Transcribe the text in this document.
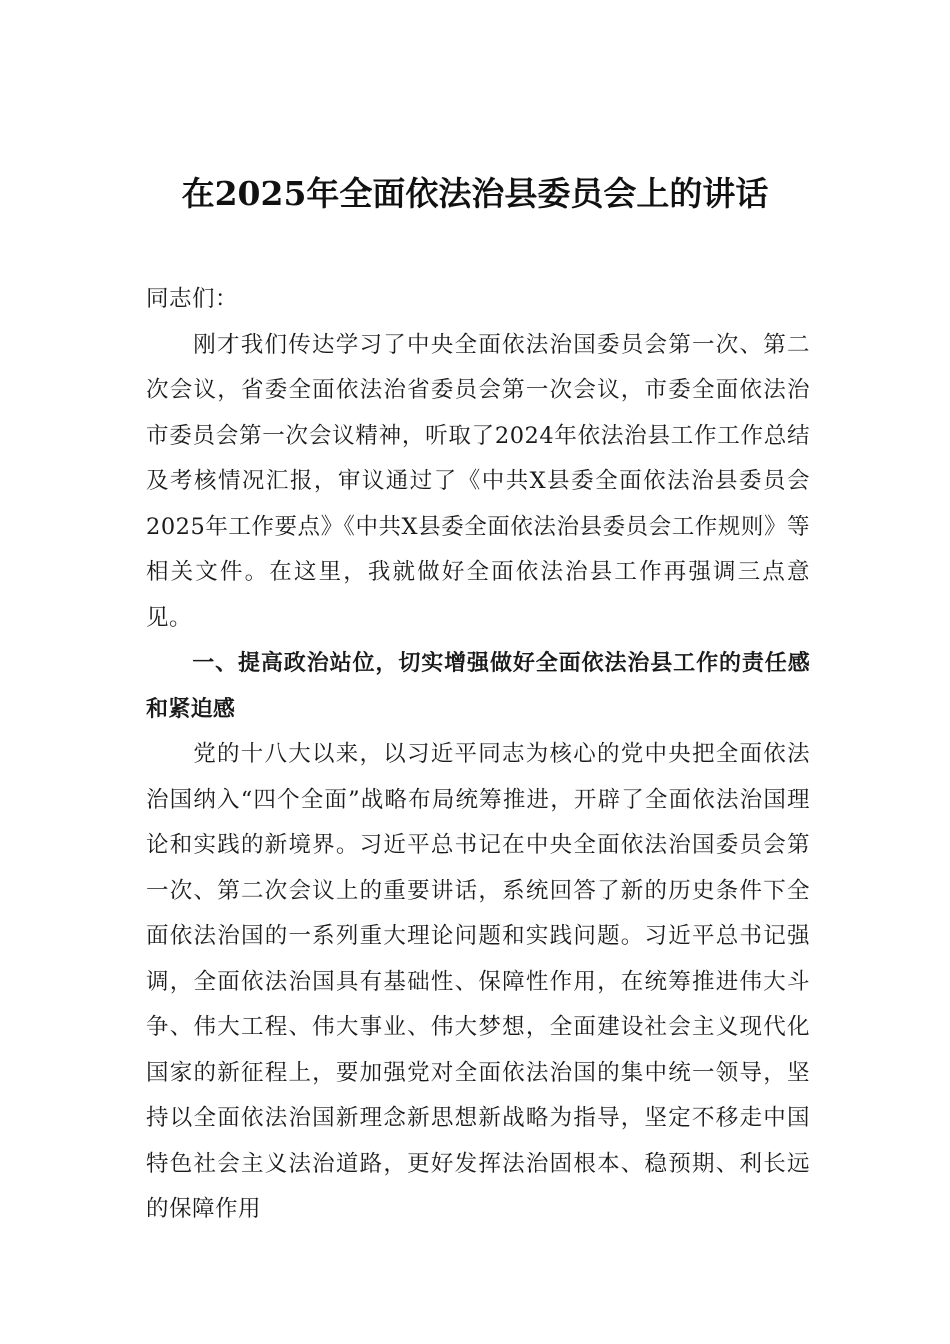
在2025年全面依法治县委员会上的讲话

同志们：

刚才我们传达学习了中央全面依法治国委员会第一次、第二次会议，省委全面依法治省委员会第一次会议，市委全面依法治市委员会第一次会议精神，听取了2024年依法治县工作工作总结及考核情况汇报，审议通过了《中共X县委全面依法治县委员会2025年工作要点》《中共X县委全面依法治县委员会工作规则》等相关文件。在这里，我就做好全面依法治县工作再强调三点意见。

一、提高政治站位，切实增强做好全面依法治县工作的责任感和紧迫感

党的十八大以来，以习近平同志为核心的党中央把全面依法治国纳入“四个全面”战略布局统筹推进，开辟了全面依法治国理论和实践的新境界。习近平总书记在中央全面依法治国委员会第一次、第二次会议上的重要讲话，系统回答了新的历史条件下全面依法治国的一系列重大理论问题和实践问题。习近平总书记强调，全面依法治国具有基础性、保障性作用，在统筹推进伟大斗争、伟大工程、伟大事业、伟大梦想，全面建设社会主义现代化国家的新征程上，要加强党对全面依法治国的集中统一领导，坚持以全面依法治国新理念新思想新战略为指导，坚定不移走中国特色社会主义法治道路，更好发挥法治固根本、稳预期、利长远的保障作用
